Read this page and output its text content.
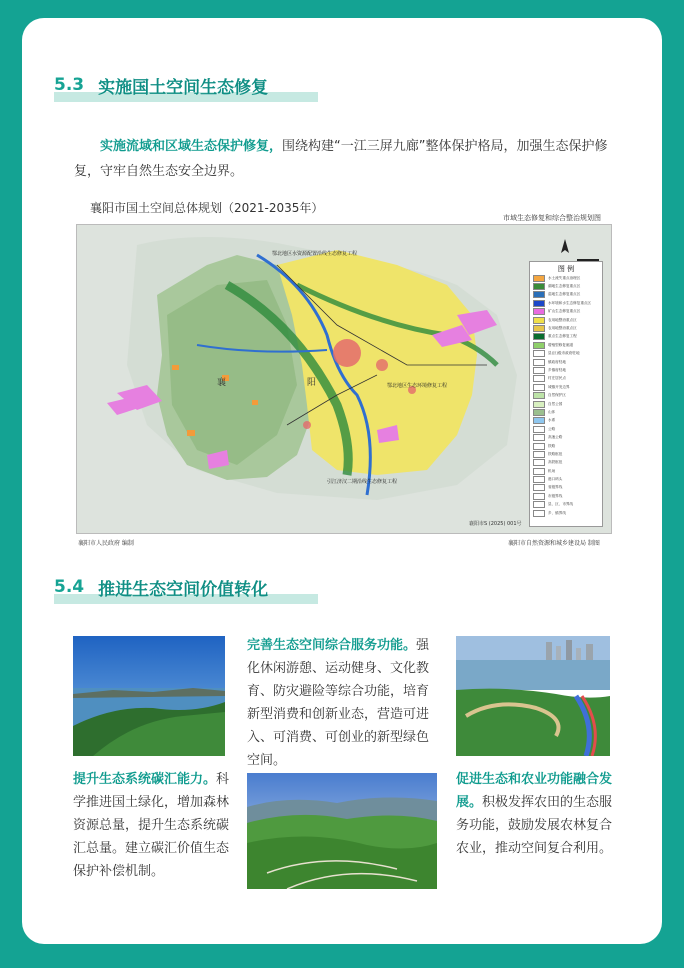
5.3 实施国土空间生态修复
实施流域和区域生态保护修复，围绕构建“一江三屏九廊”整体保护格局，加强生态保护修复，守牢自然生态安全边界。
襄阳市国土空间总体规划（2021-2035年）
市域生态修复和综合整治规划图
鄂北地区水资源配置沿线生态修复工程
鄂北地区生态环境修复工程
引江济汉二期沿线生态修复工程
襄	阳
襄阳市S (2025) 001号
图 例
水土流失重点治理区
湖地生态修复重点区
湿地生态修复重点区
水环境和水生态修复重点区
矿山生态修复重点区
农用地整治重点区
农用地整治重点区
重点生态修复工程
增殖型修复廊道
县(区)级市政府驻地
镇政府驻地
乡镇府驻地
村庄居民点
城镇开发边界
自然保护区
自然公园
山体
水系
公路
高速公路
铁路
铁路枢纽
高铁枢纽
机场
港口码头
省级界线
市级界线
县、区、市界线
乡、镇界线
襄阳市人民政府 编制	襄阳市自然资源和城乡建设局 制图
5.4 推进生态空间价值转化
完善生态空间综合服务功能。强化休闲游憩、运动健身、文化教育、防灾避险等综合功能，培育新型消费和创新业态，营造可进入、可消费、可创业的新型绿色空间。
提升生态系统碳汇能力。科学推进国土绿化，增加森林资源总量，提升生态系统碳汇总量。建立碳汇价值生态保护补偿机制。
促进生态和农业功能融合发展。积极发挥农田的生态服务功能，鼓励发展农林复合农业，推动空间复合利用。
